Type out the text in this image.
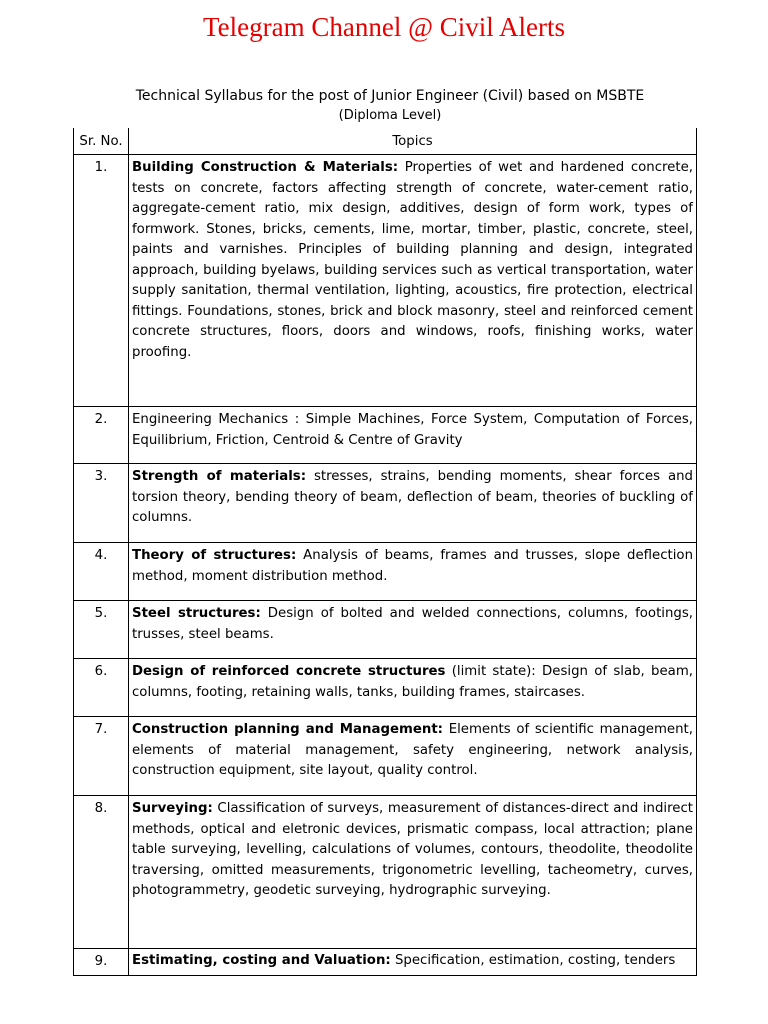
Telegram Channel @ Civil Alerts
Technical Syllabus for the post of Junior Engineer (Civil) based on MSBTE
(Diploma Level)
Sr. No.	Topics
1.	Building Construction & Materials: Properties of wet and hardened concrete, tests on concrete, factors affecting strength of concrete, water-cement ratio, aggregate-cement ratio, mix design, additives, design of form work, types of formwork. Stones, bricks, cements, lime, mortar, timber, plastic, concrete, steel, paints and varnishes. Principles of building planning and design, integrated approach, building byelaws, building services such as vertical transportation, water supply sanitation, thermal ventilation, lighting, acoustics, fire protection, electrical fittings. Foundations, stones, brick and block masonry, steel and reinforced cement concrete structures, floors, doors and windows, roofs, finishing works, water proofing.
2.	Engineering Mechanics : Simple Machines, Force System, Computation of Forces, Equilibrium, Friction, Centroid & Centre of Gravity
3.	Strength of materials: stresses, strains, bending moments, shear forces and torsion theory, bending theory of beam, deflection of beam, theories of buckling of columns.
4.	Theory of structures: Analysis of beams, frames and trusses, slope deflection method, moment distribution method.
5.	Steel structures: Design of bolted and welded connections, columns, footings, trusses, steel beams.
6.	Design of reinforced concrete structures (limit state): Design of slab, beam, columns, footing, retaining walls, tanks, building frames, staircases.
7.	Construction planning and Management: Elements of scientific management, elements of material management, safety engineering, network analysis, construction equipment, site layout, quality control.
8.	Surveying: Classification of surveys, measurement of distances-direct and indirect methods, optical and eletronic devices, prismatic compass, local attraction; plane table surveying, levelling, calculations of volumes, contours, theodolite, theodolite traversing, omitted measurements, trigonometric levelling, tacheometry, curves, photogrammetry, geodetic surveying, hydrographic surveying.
9.	Estimating, costing and Valuation: Specification, estimation, costing, tenders
